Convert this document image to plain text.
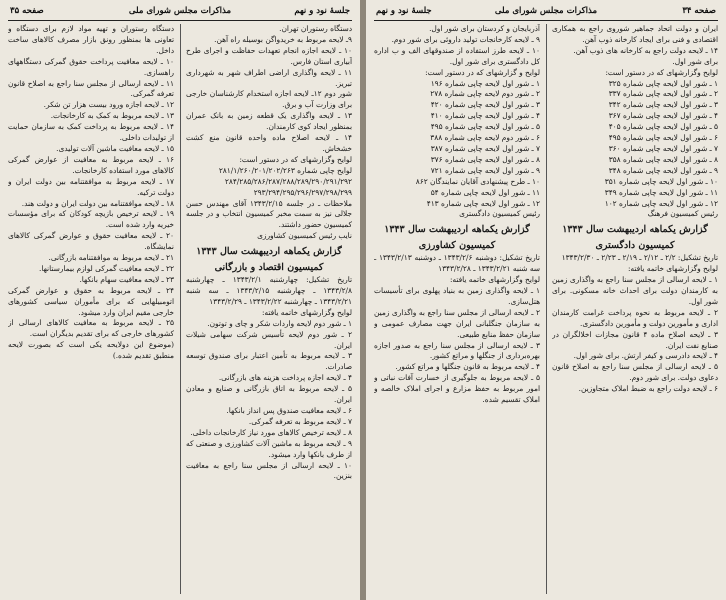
جلسهٔ نود و نهم
مذاکرات مجلس شورای ملی
صفحه ۳۵

دستگاه رستوران تهران.

۹ـ لایحه مربوط به خریدواگن بوسیله راه آهن.

۱۰ ـ لایحه اجازه انجام تعهدات حفاظت و اجرای طرح آبیاری استان فارس.

۱۱ ـ لایحه واگذاری اراضی اطراف شهر به شهرداری تبریز.

شور دوم ۱۲ـ لایحه اجازه استخدام کارشناسان خارجی برای وزارت آب و برق.

۱۳ ـ لایحه واگذاری یک قطعه زمین به بانک عمران بمنظور ایجاد کوی کارمندان.

۱۴ ـ لایحه اصلاح ماده واحده قانون منع کشت خشخاش.

لوایح وگزارشهای که در دستور است:

لوایح چاپی شماره ۲۸۱/۱/۲۶۰/۲۰۱/۲۰۲/۲۶۳

۲۸۴/۲۸۵/۲۸۶/۲۸۷/۲۸۸/۲۸۹/۲۹۰/۲۹۱/۲۹۲

۲۹۳/۲۹۴/۲۹۵/۲۹۶/۲۹۷/۲۹۸/۲۹۹

ملاحظات ـ در جلسه ۱۳۴۳/۲/۱۵ آقای مهندس حسن جلالی نیز به سمت مخبر کمیسیون انتخاب و در جلسه کمیسیون حضور داشتند.

نایب رئیس کمیسیون کشاورزی

گزارش یکماهه اردیبهشت سال ۱۳۴۳

کمیسیون اقتصاد و بازرگانی

تاریخ تشکیل: چهارشنبه ۱۳۴۳/۲/۱ ـ چهارشنبه ۱۳۴۳/۲/۸ ـ چهارشنبه ۱۳۴۳/۲/۱۵ ـ سه شنبه ۱۳۴۳/۲/۲۱ ـ چهارشنبه ۱۳۴۳/۲/۲۲ ـ ۱۳۴۳/۲/۲۹

لوایح وگزارشهای خاتمه یافته:

۱ ـ شور دوم لایحه واردات شکر و چای و توتون.

۲ ـ شور دوم لایحه تأسیس شرکت سهامی شیلات ایران.

۳ ـ لایحه مربوط به تأمین اعتبار برای صندوق توسعه صادرات.

۴ ـ لایحه اجازه پرداخت هزینه های بازرگانی.

۵ ـ لایحه مربوط به اتاق بازرگانی و صنایع و معادن ایران.

۶ ـ لایحه معافیت صندوق پس انداز بانکها.

۷ ـ لایحه مربوط به تعرفه گمرکی.

۸ ـ لایحه ترخیص کالاهای مورد نیاز کارخانجات داخلی.

۹ ـ لایحه مربوط به ماشین آلات کشاورزی و صنعتی که از طرف بانکها وارد میشود.

۱۰ ـ لایحه ارسالی از مجلس سنا راجع به معافیت بنزین.

دستگاه رستوران و تهیه مواد لازم برای دستگاه و تعاونی ها بمنظور رونق بازار مصرف کالاهای ساخت داخل.

۱۰ ـ لایحه معافیت پرداخت حقوق گمرکی دستگاههای راهسازی.

۱۱ ـ لایحه ارسالی از مجلس سنا راجع به اصلاح قانون تعرفه گمرکی.

۱۲ ـ لایحه اجازه ورود بیست هزار تن شکر.

۱۳ ـ لایحه مربوط به کمک به کارخانجات.

۱۴ ـ لایحه مربوط به پرداخت کمک به سازمان حمایت از تولیدات داخلی.

۱۵ ـ لایحه معافیت ماشین آلات تولیدی.

۱۶ ـ لایحه مربوط به معافیت از عوارض گمرکی کالاهای مورد استفاده کارخانجات.

۱۷ ـ لایحه مربوط به موافقتنامه بین دولت ایران و دولت ترکیه.

۱۸ ـ لایحه موافقتنامه بین دولت ایران و دولت هند.

۱۹ ـ لایحه ترخیص بازیچه کودکان که برای مؤسسات خیریه وارد شده است.

۲۰ ـ لایحه معافیت حقوق و عوارض گمرکی کالاهای نمایشگاه.

۲۱ ـ لایحه مربوط به موافقتنامه بازرگانی.

۲۲ ـ لایحه معافیت گمرکی لوازم بیمارستانها.

۲۳ ـ لایحه معافیت سهام بانکها.

۲۴ ـ لایحه مربوط به حقوق و عوارض گمرکی اتومبیلهایی که برای مأموران سیاسی کشورهای خارجی مقیم ایران وارد میشود.

۲۵ ـ لایحه مربوط به معافیت کالاهای ارسالی از کشورهای خارجی که برای تقدیم بدیگران است.

(موضوع این دولایحه یکی است که بصورت لایحه منطبق تقدیم شده.)

صفحه ۳۴
مذاکرات مجلس شورای ملی
جلسهٔ نود و نهم

ایران و دولت اتحاد جماهیر شوروی راجع به همکاری اقتصادی و فنی برای ایجاد کارخانه ذوب آهن.

۱۴ ـ لایحه دولت راجع به کارخانه های ذوب آهن.

برای شور اول.

لوایح وگزارشهای که در دستور است:

۱ ـ شور اول لایحه چاپی شماره ۳۲۵

۲ ـ شور اول لایحه چاپی شماره ۳۳۷

۳ ـ شور اول لایحه چاپی شماره ۳۴۲

۴ ـ شور اول لایحه چاپی شماره ۳۶۷

۵ ـ شور اول لایحه چاپی شماره ۴۰۵

۶ ـ شور اول لایحه چاپی شماره ۴۹۵

۷ ـ شور اول لایحه چاپی شماره ۳۶۰

۸ ـ شور اول لایحه چاپی شماره ۳۵۸

۹ ـ شور اول لایحه چاپی شماره ۳۴۸

۱۰ ـ شور اول لایحه چاپی شماره ۳۵۱

۱۱ ـ شور اول لایحه چاپی شماره ۳۴۹

۱۲ ـ شور اول لایحه چاپی شماره ۱۰۲

رئیس کمیسیون فرهنگ

گزارش یکماهه اردیبهشت سال ۱۳۴۳

کمیسیون دادگستری

تاریخ تشکیل: ۲/۲ ـ ۲/۱۲ ـ ۲/۱۹ ـ ۲/۲۳ ـ ۱۳۴۳/۲/۳۰

لوایح وگزارشهای خاتمه یافته:

۱ ـ لایحه ارسالی از مجلس سنا راجع به واگذاری زمین به کارمندان دولت برای احداث خانه مسکونی. برای شور اول.

۲ ـ لایحه مربوط به نحوه پرداخت غرامت کارمندان اداری و مأمورین دولت و مأمورین دادگستری.

۳ ـ لایحه اصلاح ماده ۴ قانون مجازات اخلالگران در صنایع نفت ایران.

۴ ـ لایحه دادرسی و کیفر ارتش. برای شور اول.

۵ ـ لایحه ارسالی از مجلس سنا راجع به اصلاح قانون دعاوی دولت. برای شور دوم.

۶ ـ لایحه دولت راجع به ضبط املاک متجاوزین.

آذربایجان و کردستان برای شور اول.

۹ ـ لایحه کارخانجات تولید داروئی برای شور دوم.

۱۰ ـ لایحه طرز استفاده از صندوقهای الف و ب اداره کل دادگستری برای شور اول.

لوایح و گزارشهای که در دستور است:

۱ ـ شور اول لایحه چاپی شماره ۱۹۶

۲ ـ شور دوم لایحه چاپی شماره ۲۷۸

۳ ـ شور اول لایحه چاپی شماره ۴۲۰

۴ ـ شور اول لایحه چاپی شماره ۴۱۰

۵ ـ شور اول لایحه چاپی شماره ۴۹۵

۶ ـ شور دوم لایحه چاپی شماره ۳۸۸

۷ ـ شور اول لایحه چاپی شماره ۳۸۷

۸ ـ شور اول لایحه چاپی شماره ۳۷۶

۹ ـ شور اول لایحه چاپی شماره ۷۲۱

۱۰ ـ طرح پیشنهادی آقایان نمایندگان ۸۶۲

۱۱ ـ شور اول لایحه چاپی شماره ۵۴

۱۲ ـ شور اول لایحه چاپی شماره ۴۱۳

رئیس کمیسیون دادگستری

گزارش یکماهه اردیبهشت سال ۱۳۴۳

کمیسیون کشاورزی

تاریخ تشکیل: دوشنبه ۱۳۴۳/۲/۶ ـ دوشنبه ۱۳۴۳/۲/۱۳ ـ سه شنبه ۱۳۴۳/۲/۲۱ ـ ۱۳۴۳/۲/۲۸

لوایح وگزارشهای خاتمه یافته:

۱ ـ لایحه واگذاری زمین به بنیاد پهلوی برای تأسیسات هتل‌سازی.

۲ ـ لایحه ارسالی از مجلس سنا راجع به واگذاری زمین به سازمان جنگلبانی ایران جهت مصارف عمومی و سازمان حفظ منابع طبیعی.

۳ ـ لایحه ارسالی از مجلس سنا راجع به صدور اجازه بهره‌برداری از جنگلها و مراتع کشور.

۴ ـ لایحه مربوط به قانون جنگلها و مراتع کشور.

۵ ـ لایحه مربوط به جلوگیری از خسارت آفات نباتی و امور مربوط به حفظ مزارع و اجرای املاک خالصه و املاک تقسیم شده.
